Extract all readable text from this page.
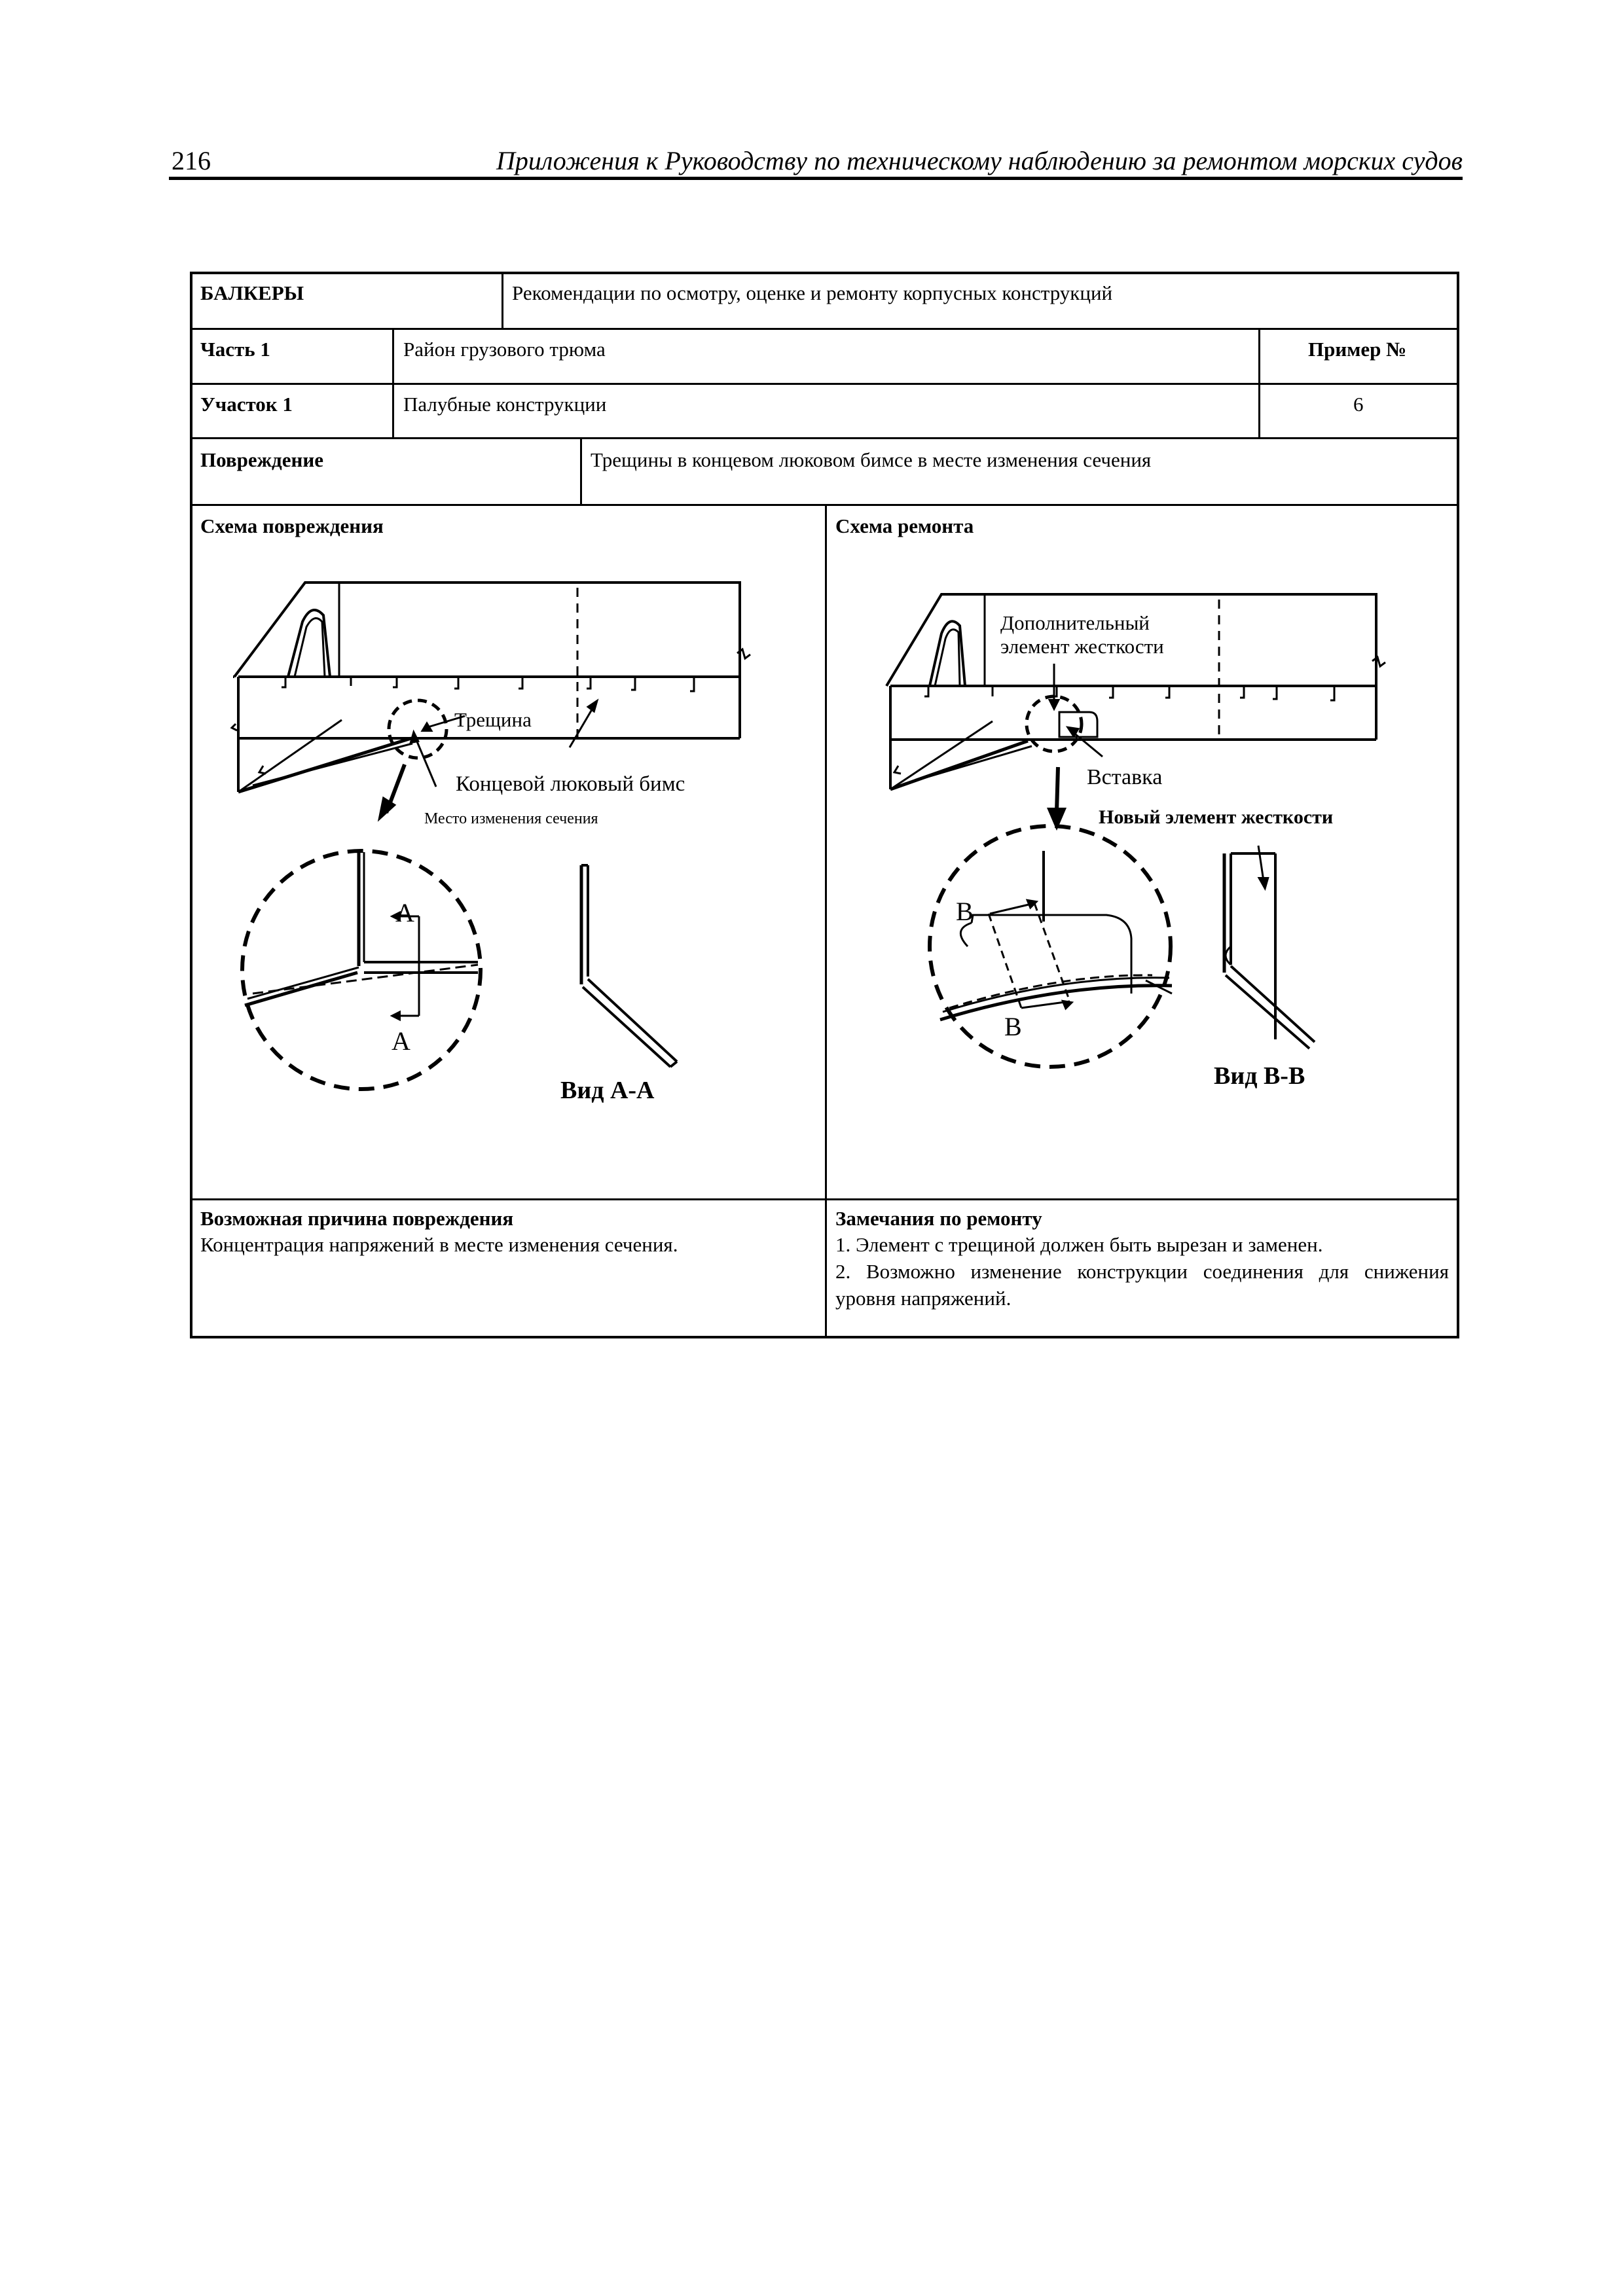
216	Приложения к Руководству по техническому наблюдению за ремонтом морских судов
БАЛКЕРЫ	Рекомендации по осмотру, оценке и ремонту корпусных конструкций
Часть 1	Район грузового трюма	Пример №
Участок 1	Палубные конструкции	6
Повреждение	Трещины в концевом люковом бимсе в месте изменения сечения
Схема повреждения	Схема ремонта
Трещина
Концевой люковый бимс
Место изменения сечения
A
A
Вид А-А
Дополнительный
элемент жесткости
Вставка
Новый элемент жесткости
B
B
Вид В-В
Возможная причина повреждения
Концентрация напряжений в месте изменения сечения.
Замечания по ремонту
1. Элемент с трещиной должен быть вырезан и заменен.
2. Возможно изменение конструкции соединения для снижения уровня напряжений.
